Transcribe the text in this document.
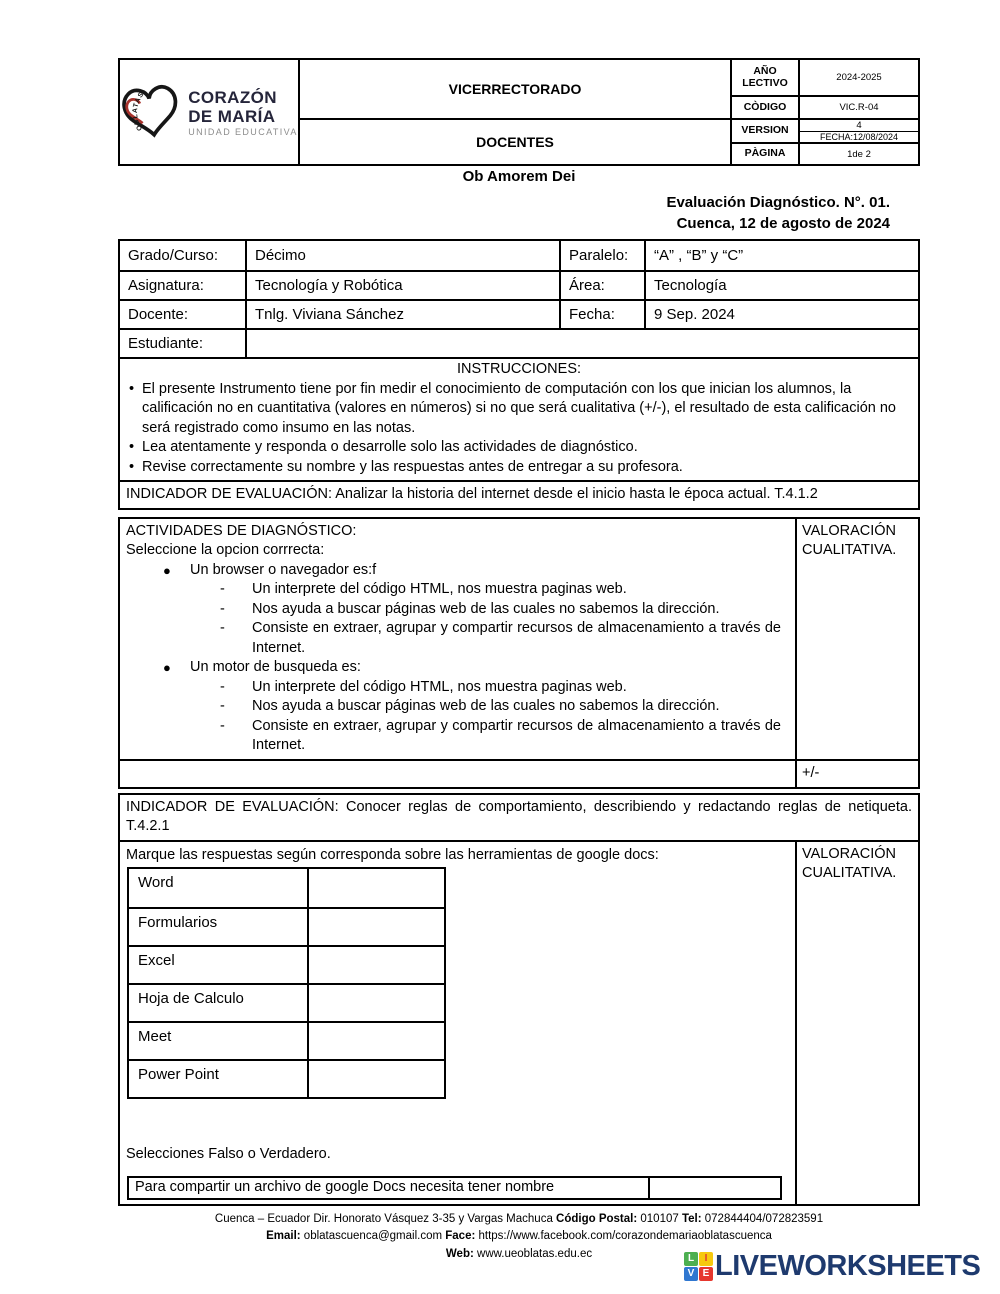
OBLATAS CORAZÓN
DE MARÍA
UNIDAD EDUCATIVA
VICERRECTORADO
DOCENTES
AÑO LECTIVO	2024-2025
CÒDIGO	VIC.R-04
VERSION	4
FECHA:12/08/2024
PÀGINA	1de 2
Ob Amorem Dei
Evaluación Diagnóstico. N°. 01.
Cuenca, 12 de agosto de 2024
Grado/Curso:	Décimo	Paralelo:	“A” , “B” y “C”
Asignatura:	Tecnología y Robótica	Área:	Tecnología
Docente:	Tnlg. Viviana Sánchez	Fecha:	9 Sep. 2024
Estudiante:
INSTRUCCIONES:
• El presente Instrumento tiene por fin medir el conocimiento de computación con los que inician los alumnos, la calificación no en cuantitativa (valores en números) si no que será cualitativa (+/-), el resultado de esta calificación no será registrado como insumo en las notas.
• Lea atentamente y responda o desarrolle solo las actividades de diagnóstico.
• Revise correctamente su nombre y las respuestas antes de entregar a su profesora.
INDICADOR DE EVALUACIÓN: Analizar la historia del internet desde el inicio hasta le época actual. T.4.1.2
ACTIVIDADES DE DIAGNÓSTICO:
Seleccione la opcion corrrecta:
● Un browser o navegador es:f
- Un interprete del código HTML, nos muestra paginas web.
- Nos ayuda a buscar páginas web de las cuales no sabemos la dirección.
- Consiste en extraer, agrupar y compartir recursos de almacenamiento a través de Internet.
● Un motor de busqueda es:
- Un interprete del código HTML, nos muestra paginas web.
- Nos ayuda a buscar páginas web de las cuales no sabemos la dirección.
- Consiste en extraer, agrupar y compartir recursos de almacenamiento a través de Internet.
VALORACIÓN CUALITATIVA.
+/-
INDICADOR DE EVALUACIÓN: Conocer reglas de comportamiento, describiendo y redactando reglas de netiqueta. T.4.2.1
Marque las respuestas según corresponda sobre las herramientas de google docs:
Word
Formularios
Excel
Hoja de Calculo
Meet
Power Point
Selecciones Falso o Verdadero.
Para compartir un archivo de google Docs necesita tener nombre
VALORACIÓN CUALITATIVA.
Cuenca – Ecuador Dir. Honorato Vásquez 3-35 y Vargas Machuca Código Postal: 010107 Tel: 072844404/072823591
Email: oblatascuenca@gmail.com Face: https://www.facebook.com/corazondemariaoblatascuenca
Web: www.ueoblatas.edu.ec	L	I
V E LIVEWORKSHEETS
